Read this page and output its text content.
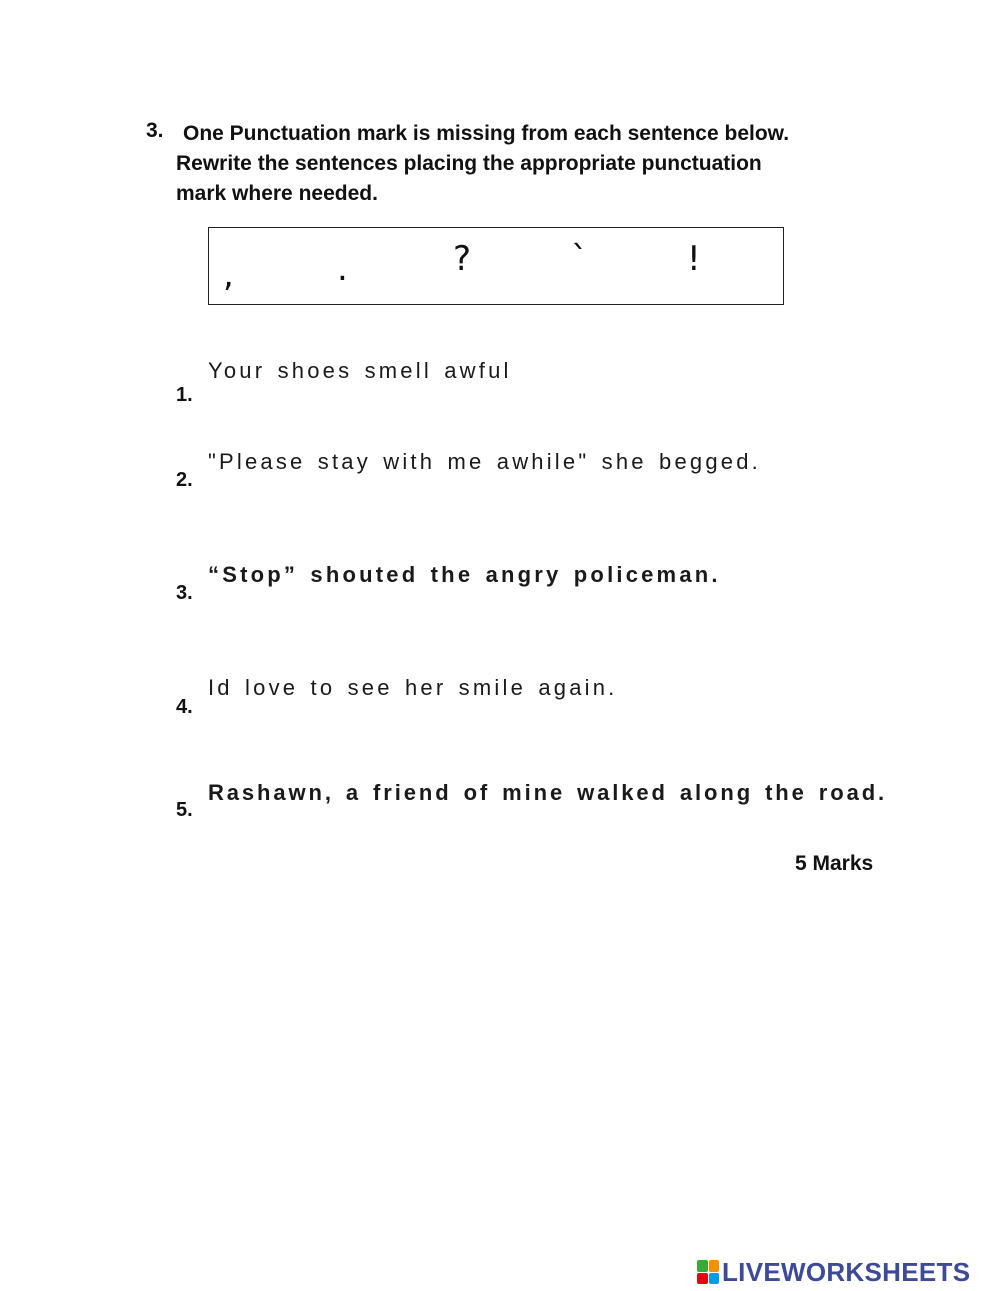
3. One Punctuation mark is missing from each sentence below.
Rewrite the sentences placing the appropriate punctuation
mark where needed.

,	.	?	`	!
1.
Your shoes smell awful
2.
"Please stay with me awhile" she begged.
3.
“Stop” shouted the angry policeman.
4.
Id love to see her smile again.
5.
Rashawn, a friend of mine walked along the road.
5 Marks
LIVEWORKSHEETS
